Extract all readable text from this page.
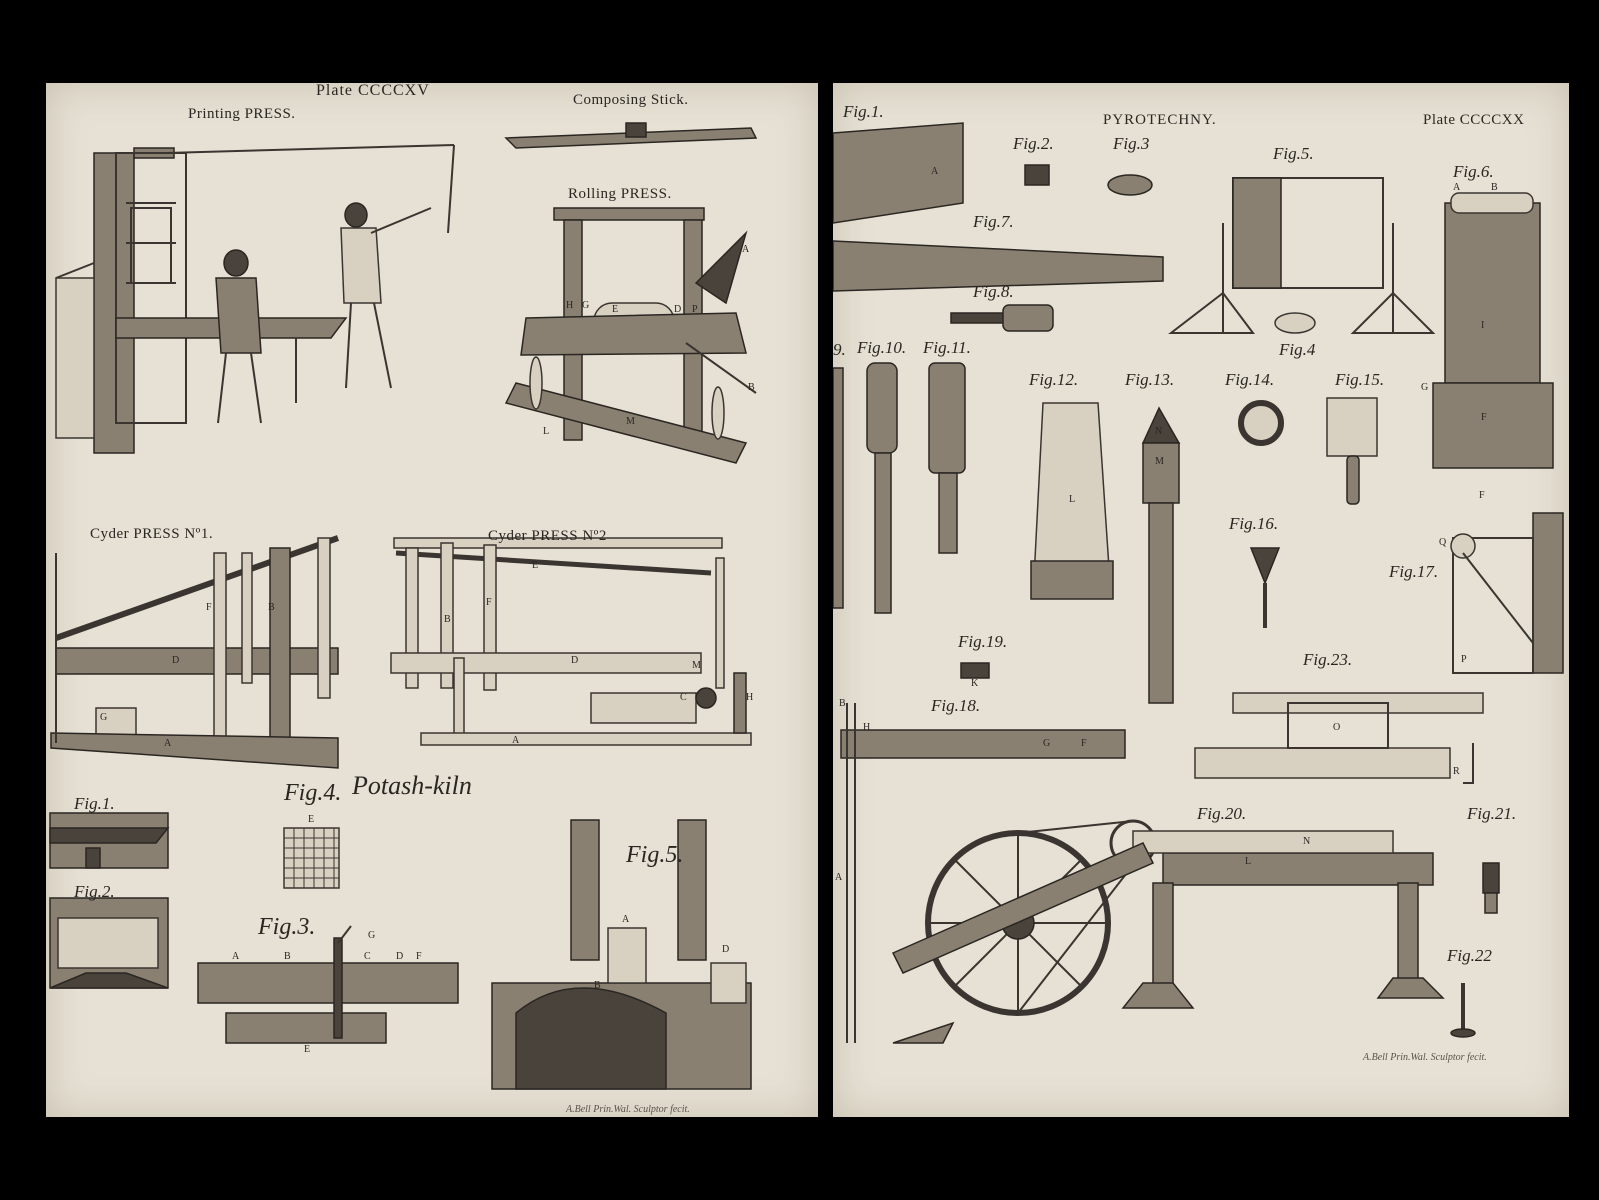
Plate CCCCXV
Printing PRESS.
Composing Stick.
Rolling PRESS.
Cyder PRESS Nº1.	Cyder PRESS Nº2
Potash-kiln
Fig.1.
Fig.2.
Fig.3.
Fig.4.
Fig.5.
A.Bell Prin.Wal. Sculptor fecit.
A
B
H G E	D P
L
M
F	B
D
G
A
E
B
F
D
A
C	H
M
E
A	B	C	D
E
F
G
A
B
D
Fig.1.	PYROTECHNY.	Plate CCCCXX
Fig.2.	Fig.3
Fig.5.
Fig.6.
Fig.7.
Fig.8.
Fig.4
9. Fig.10. Fig.11.
Fig.12.	Fig.13.	Fig.14.	Fig.15.
Fig.16.
Fig.17.
Fig.19.
Fig.23.
Fig.18.
Fig.20.	Fig.21.
Fig.22
A.Bell Prin.Wal. Sculptor fecit.
A
A	B
I
G
F
L
N
M
F
Q
P
B
H
G	F
K
O
R
N
L
A
